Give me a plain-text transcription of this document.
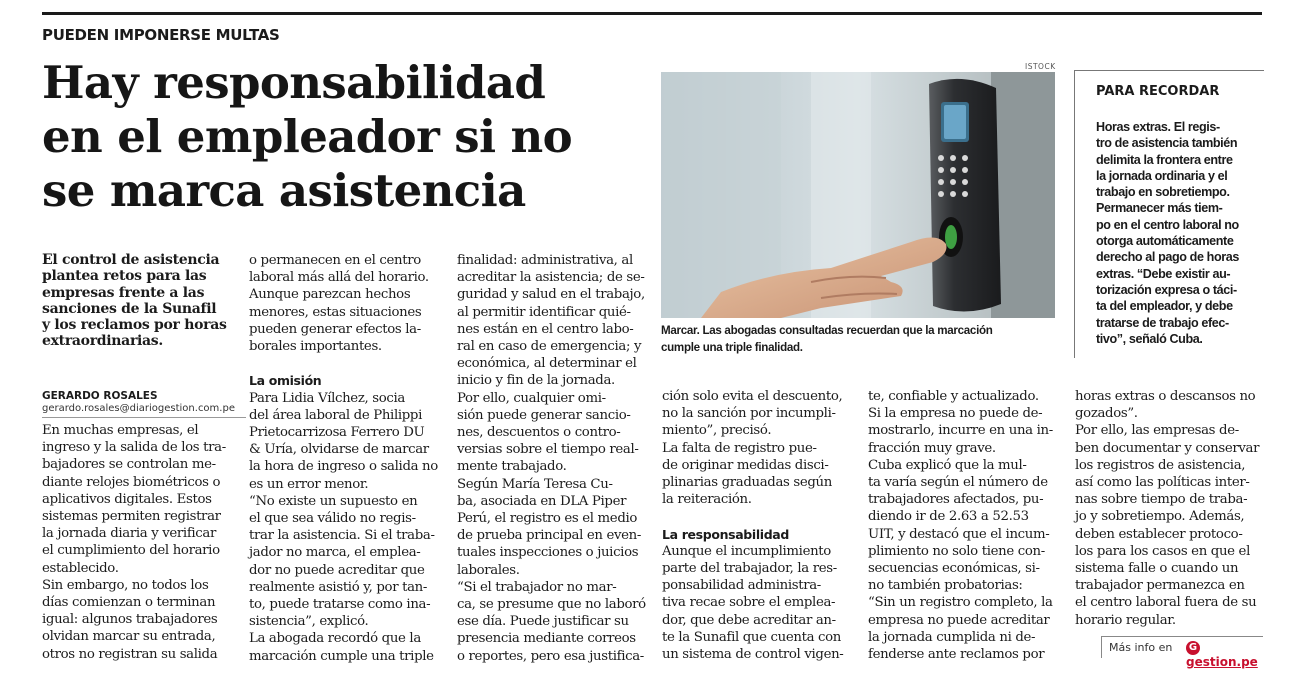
PUEDEN IMPONERSE MULTAS
Hay responsabilidad
en el empleador si no
se marca asistencia
ISTOCK
Marcar. Las abogadas consultadas recuerdan que la marcación
cumple una triple finalidad.
PARA RECORDAR
Horas extras. El regis-
tro de asistencia también
delimita la frontera entre
la jornada ordinaria y el
trabajo en sobretiempo.
Permanecer más tiem-
po en el centro laboral no
otorga automáticamente
derecho al pago de horas
extras. “Debe existir au-
torización expresa o táci-
ta del empleador, y debe
tratarse de trabajo efec-
tivo”, señaló Cuba.
El control de asistencia
plantea retos para las
empresas frente a las
sanciones de la Sunafil
y los reclamos por horas
extraordinarias.
GERARDO ROSALES
gerardo.rosales@diariogestion.com.pe
En muchas empresas, el
ingreso y la salida de los tra-
bajadores se controlan me-
diante relojes biométricos o
aplicativos digitales. Estos
sistemas permiten registrar
la jornada diaria y verificar
el cumplimiento del horario
establecido.
Sin embargo, no todos los
días comienzan o terminan
igual: algunos trabajadores
olvidan marcar su entrada,
otros no registran su salida
o permanecen en el centro
laboral más allá del horario.
Aunque parezcan hechos
menores, estas situaciones
pueden generar efectos la-
borales importantes.

La omisión
Para Lidia Vílchez, socia
del área laboral de Philippi
Prietocarrizosa Ferrero DU
& Uría, olvidarse de marcar
la hora de ingreso o salida no
es un error menor.
“No existe un supuesto en
el que sea válido no regis-
trar la asistencia. Si el traba-
jador no marca, el emplea-
dor no puede acreditar que
realmente asistió y, por tan-
to, puede tratarse como ina-
sistencia”, explicó.
La abogada recordó que la
marcación cumple una triple
finalidad: administrativa, al
acreditar la asistencia; de se-
guridad y salud en el trabajo,
al permitir identificar quié-
nes están en el centro labo-
ral en caso de emergencia; y
económica, al determinar el
inicio y fin de la jornada.
Por ello, cualquier omi-
sión puede generar sancio-
nes, descuentos o contro-
versias sobre el tiempo real-
mente trabajado.
Según María Teresa Cu-
ba, asociada en DLA Piper
Perú, el registro es el medio
de prueba principal en even-
tuales inspecciones o juicios
laborales.
“Si el trabajador no mar-
ca, se presume que no laboró
ese día. Puede justificar su
presencia mediante correos
o reportes, pero esa justifica-
ción solo evita el descuento,
no la sanción por incumpli-
miento”, precisó.
La falta de registro pue-
de originar medidas disci-
plinarias graduadas según
la reiteración.

La responsabilidad
Aunque el incumplimiento
parte del trabajador, la res-
ponsabilidad administra-
tiva recae sobre el emplea-
dor, que debe acreditar an-
te la Sunafil que cuenta con
un sistema de control vigen-
te, confiable y actualizado.
Si la empresa no puede de-
mostrarlo, incurre en una in-
fracción muy grave.
Cuba explicó que la mul-
ta varía según el número de
trabajadores afectados, pu-
diendo ir de 2.63 a 52.53
UIT, y destacó que el incum-
plimiento no solo tiene con-
secuencias económicas, si-
no también probatorias:
“Sin un registro completo, la
empresa no puede acreditar
la jornada cumplida ni de-
fenderse ante reclamos por
horas extras o descansos no
gozados”.
Por ello, las empresas de-
ben documentar y conservar
los registros de asistencia,
así como las políticas inter-
nas sobre tiempo de traba-
jo y sobretiempo. Además,
deben establecer protoco-
los para los casos en que el
sistema falle o cuando un
trabajador permanezca en
el centro laboral fuera de su
horario regular.
Más info en Ggestion.pe
